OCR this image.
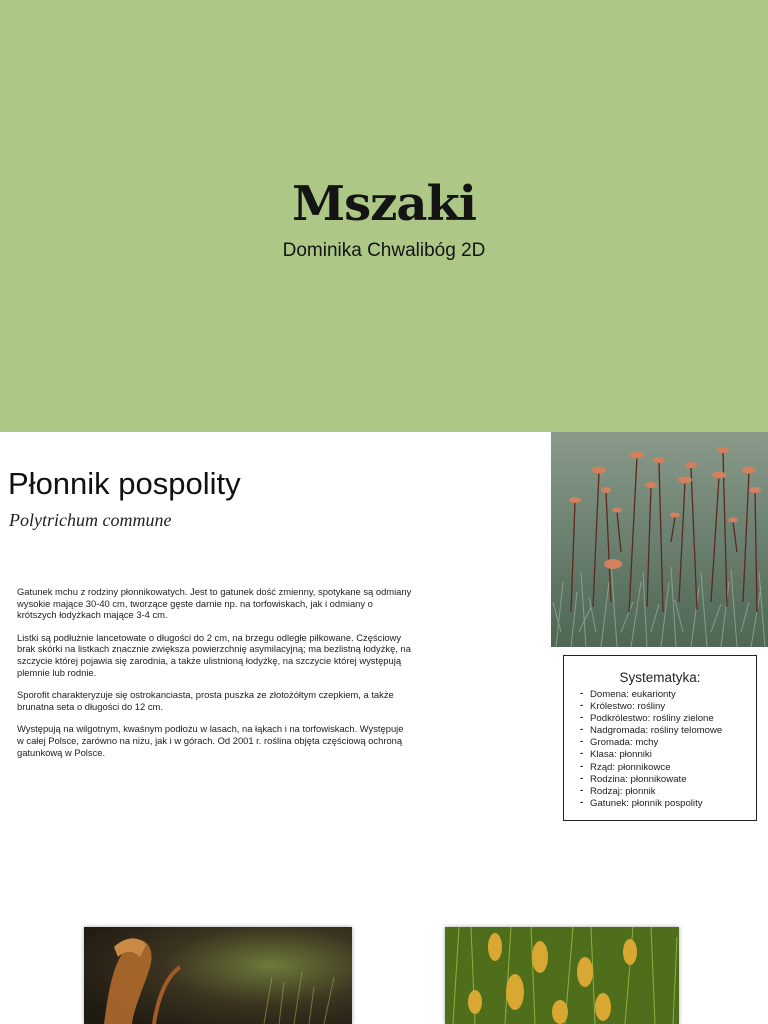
Mszaki
Dominika Chwalibóg 2D
Płonnik pospolity
Polytrichum commune

Gatunek mchu z rodziny płonnikowatych. Jest to gatunek dość zmienny, spotykane są odmiany wysokie mające 30-40 cm, tworzące gęste darnie np. na torfowiskach, jak i odmiany o krótszych łodyżkach mające 3-4 cm.

Listki są podłużnie lancetowate o długości do 2 cm, na brzegu odległe piłkowane. Częściowy brak skórki na listkach znacznie zwiększa powierzchnię asymilacyjną; ma bezlistną łodyżkę, na szczycie której pojawia się zarodnia, a także ulistnioną łodyżkę, na szczycie której występują plemnie lub rodnie.

Sporofit charakteryzuje się ostrokanciasta, prosta puszka ze złotożółtym czepkiem, a także brunatna seta o długości do 12 cm.

Występują na wilgotnym, kwaśnym podłożu w lasach, na łąkach i na torfowiskach. Występuje w całej Polsce, zarówno na niżu, jak i w górach. Od 2001 r. roślina objęta częściową ochroną gatunkową w Polsce.

Systematyka:
- Domena: eukarionty
- Królestwo: rośliny
- Podkrólestwo: rośliny zielone
- Nadgromada: rośliny telomowe
- Gromada: mchy
- Klasa: płonniki
- Rząd: płonnikowce
- Rodzina: płonnikowate
- Rodzaj: płonnik
- Gatunek: płonnik pospolity
